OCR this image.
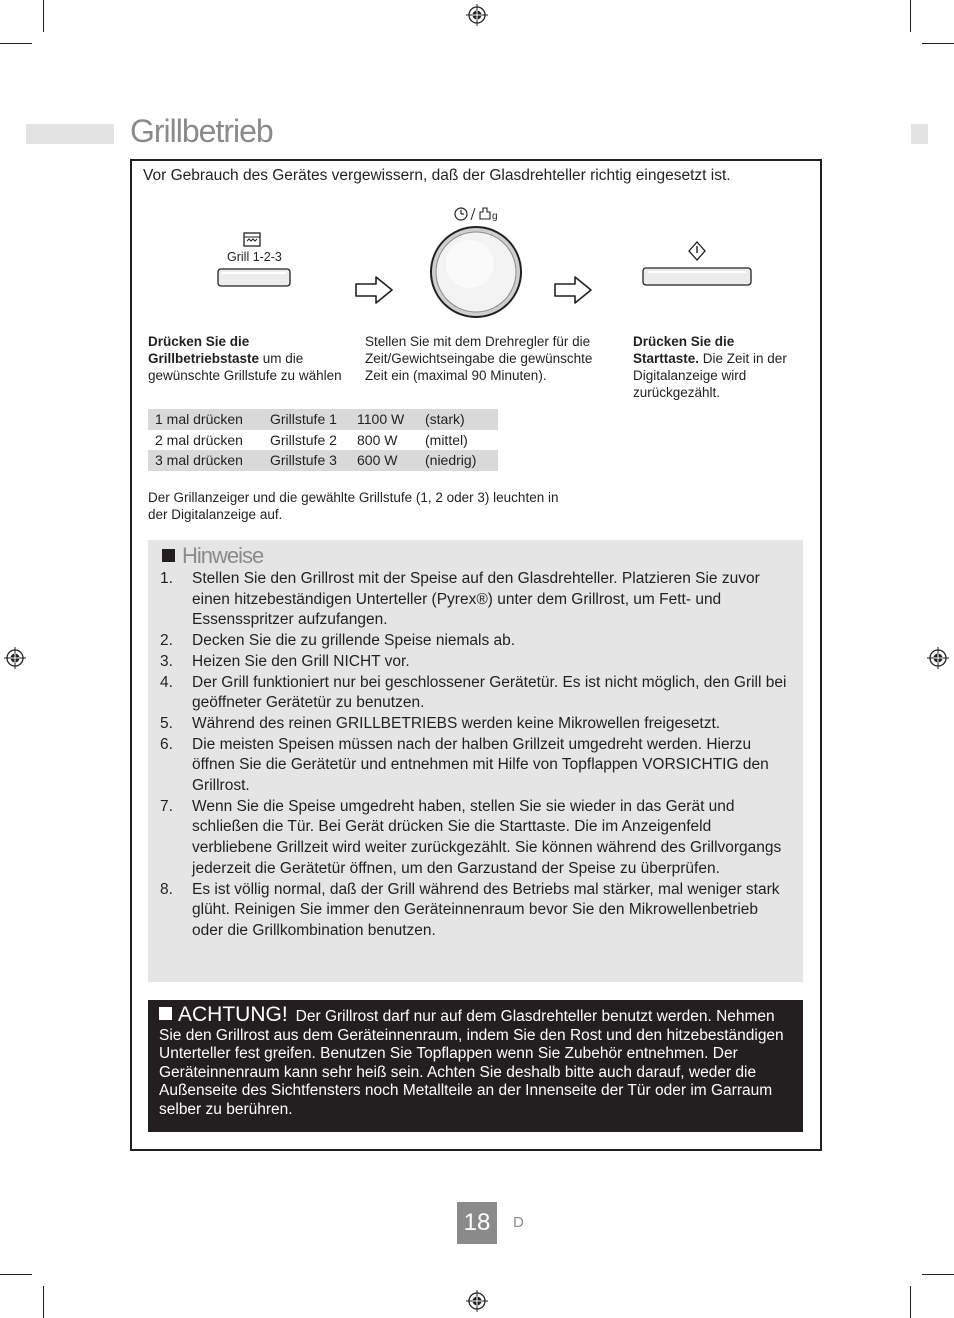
Grillbetrieb
Vor Gebrauch des Gerätes vergewissern, daß der Glasdrehteller richtig eingesetzt ist.
Grill 1-2-3
g
Drücken Sie die Grillbetriebstaste um die gewünschte Grillstufe zu wählen
Stellen Sie mit dem Drehregler für die Zeit/Gewichtseingabe die gewünschte Zeit ein (maximal 90 Minuten).
Drücken Sie die Starttaste. Die Zeit in der Digitalanzeige wird zurückgezählt.
1 mal drücken	Grillstufe 1	1100 W	(stark)
2 mal drücken	Grillstufe 2	800 W	(mittel)
3 mal drücken	Grillstufe 3	600 W	(niedrig)
Der Grillanzeiger und die gewählte Grillstufe (1, 2 oder 3) leuchten in der Digitalanzeige auf.
Hinweise
1. Stellen Sie den Grillrost mit der Speise auf den Glasdrehteller. Platzieren Sie zuvor einen hitzebeständigen Unterteller (Pyrex®) unter dem Grillrost, um Fett- und Essensspritzer aufzufangen.
2. Decken Sie die zu grillende Speise niemals ab.
3. Heizen Sie den Grill NICHT vor.
4. Der Grill funktioniert nur bei geschlossener Gerätetür. Es ist nicht möglich, den Grill bei geöffneter Gerätetür zu benutzen.
5. Während des reinen GRILLBETRIEBS werden keine Mikrowellen freigesetzt.
6. Die meisten Speisen müssen nach der halben Grillzeit umgedreht werden. Hierzu öffnen Sie die Gerätetür und entnehmen mit Hilfe von Topflappen VORSICHTIG den Grillrost.
7. Wenn Sie die Speise umgedreht haben, stellen Sie sie wieder in das Gerät und schließen die Tür. Bei Gerät drücken Sie die Starttaste. Die im Anzeigenfeld verbliebene Grillzeit wird weiter zurückgezählt. Sie können während des Grillvorgangs jederzeit die Gerätetür öffnen, um den Garzustand der Speise zu überprüfen.
8. Es ist völlig normal, daß der Grill während des Betriebs mal stärker, mal weniger stark glüht. Reinigen Sie immer den Geräteinnenraum bevor Sie den Mikrowellenbetrieb oder die Grillkombination benutzen.
ACHTUNG! Der Grillrost darf nur auf dem Glasdrehteller benutzt werden. Nehmen Sie den Grillrost aus dem Geräteinnenraum, indem Sie den Rost und den hitzebeständigen Unterteller fest greifen. Benutzen Sie Topflappen wenn Sie Zubehör entnehmen. Der Geräteinnenraum kann sehr heiß sein. Achten Sie deshalb bitte auch darauf, weder die Außenseite des Sichtfensters noch Metallteile an der Innenseite der Tür oder im Garraum selber zu berühren.
18	D
